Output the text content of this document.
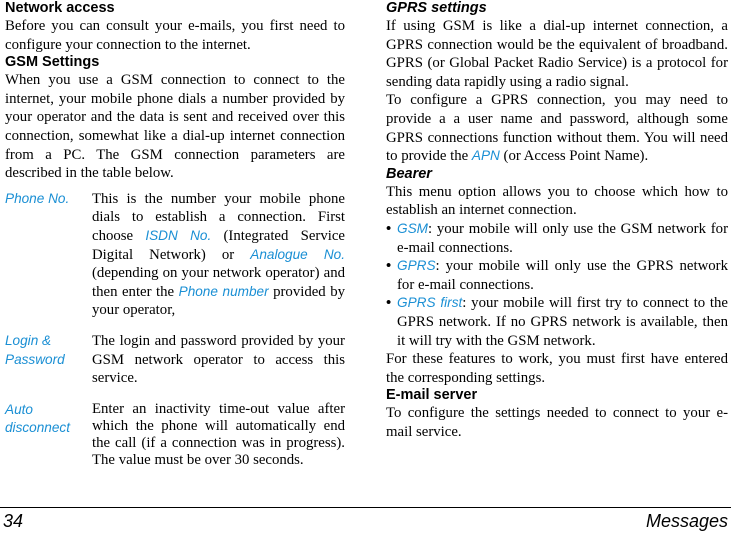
Network access

Before you can consult your e-mails, you first need to configure your connection to the internet.

GSM Settings

When you use a GSM connection to connect to the internet, your mobile phone dials a number provided by your operator and the data is sent and received over this connection, somewhat like a dial-up internet connection from a PC. The GSM connection parameters are described in the table below.

Phone No.	This is the number your mobile phone dials to establish a connection. First choose ISDN No. (Integrated Service Digital Network) or Analogue No. (depending on your network operator) and then enter the Phone number provided by your operator,
Login & Password	The login and password provided by your GSM network operator to access this service.
Auto disconnect	Enter an inactivity time-out value after which the phone will automatically end the call (if a connection was in progress). The value must be over 30 seconds.
GPRS settings

If using GSM is like a dial-up internet connection, a GPRS connection would be the equivalent of broadband. GPRS (or Global Packet Radio Service) is a protocol for sending data rapidly using a radio signal.

To configure a GPRS connection, you may need to provide a a user name and password, although some GPRS connections function without them. You will need to provide the APN (or Access Point Name).

Bearer

This menu option allows you to choose which how to establish an internet connection.

• GSM: your mobile will only use the GSM network for e-mail connections.
• GPRS: your mobile will only use the GPRS network for e-mail connections.
• GPRS first: your mobile will first try to connect to the GPRS network. If no GPRS network is available, then it will try with the GSM network.

For these features to work, you must first have entered the corresponding settings.

E-mail server

To configure the settings needed to connect to your e-mail service.

34	Messages
